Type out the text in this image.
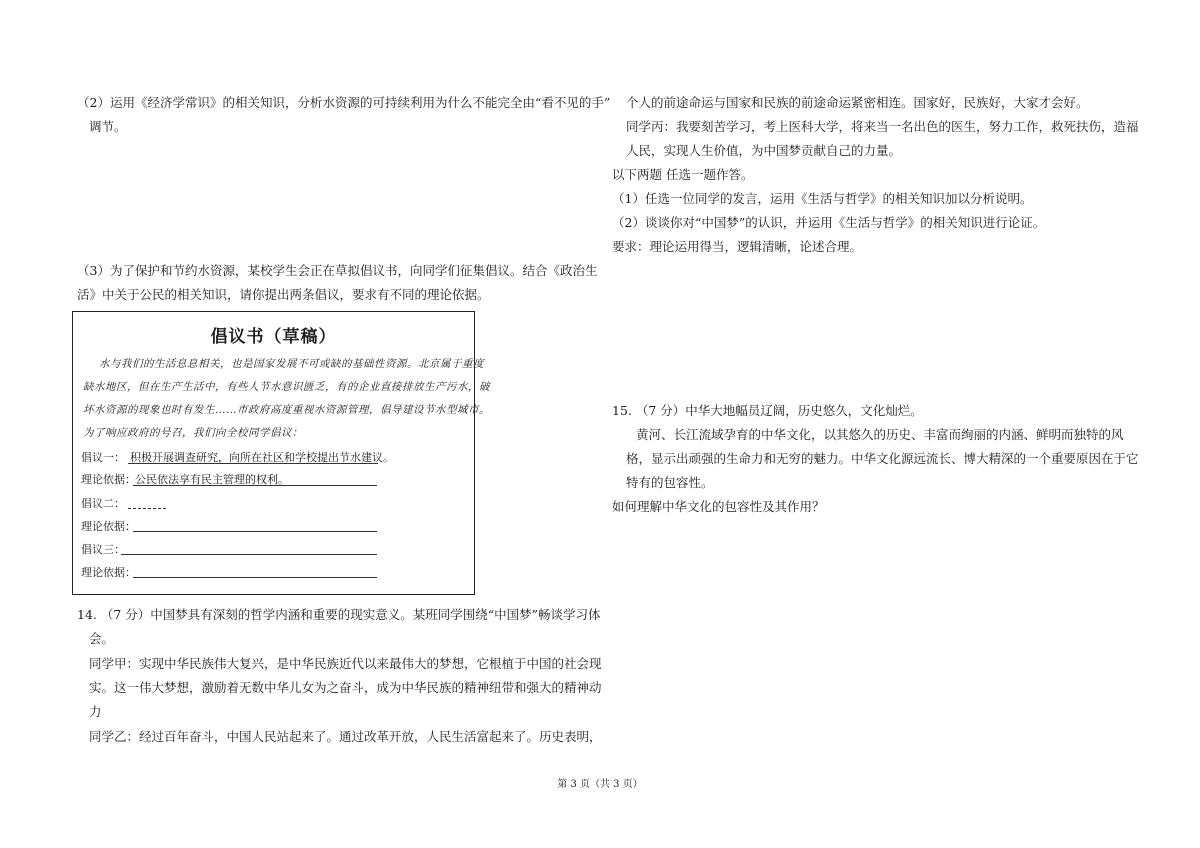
（2）运用《经济学常识》的相关知识，分析水资源的可持续利用为什么不能完全由“看不见的手”
调节。
（3）为了保护和节约水资源，某校学生会正在草拟倡议书，向同学们征集倡议。结合《政治生
活》中关于公民的相关知识，请你提出两条倡议，要求有不同的理论依据。
倡议书（草稿）
水与我们的生活息息相关，也是国家发展不可或缺的基础性资源。北京属于重度
缺水地区，但在生产生活中，有些人节水意识匮乏，有的企业直接排放生产污水，破
坏水资源的现象也时有发生……市政府高度重视水资源管理，倡导建设节水型城市。
为了响应政府的号召，我们向全校同学倡议：
倡议一： 积极开展调查研究，向所在社区和学校提出节水建议。
理论依据： 公民依法享有民主管理的权利。
倡议二：
理论依据：
倡议三：
理论依据：
14. （7 分）中国梦具有深刻的哲学内涵和重要的现实意义。某班同学围绕“中国梦”畅谈学习体
会。
同学甲：实现中华民族伟大复兴，是中华民族近代以来最伟大的梦想，它根植于中国的社会现
实。这一伟大梦想，激励着无数中华儿女为之奋斗，成为中华民族的精神纽带和强大的精神动
力
同学乙：经过百年奋斗，中国人民站起来了。通过改革开放，人民生活富起来了。历史表明，
个人的前途命运与国家和民族的前途命运紧密相连。国家好，民族好，大家才会好。
同学丙：我要刻苦学习，考上医科大学，将来当一名出色的医生，努力工作，救死扶伤，造福
人民，实现人生价值，为中国梦贡献自己的力量。
以下两题 任选一题作答。
（1）任选一位同学的发言，运用《生活与哲学》的相关知识加以分析说明。
（2）谈谈你对“中国梦”的认识，并运用《生活与哲学》的相关知识进行论证。
要求：理论运用得当，逻辑清晰，论述合理。
15. （7 分）中华大地幅员辽阔，历史悠久，文化灿烂。
黄河、长江流域孕育的中华文化，以其悠久的历史、丰富而绚丽的内涵、鲜明而独特的风
格，显示出顽强的生命力和无穷的魅力。中华文化源远流长、博大精深的一个重要原因在于它
特有的包容性。
如何理解中华文化的包容性及其作用？
第 3 页（共 3 页）
